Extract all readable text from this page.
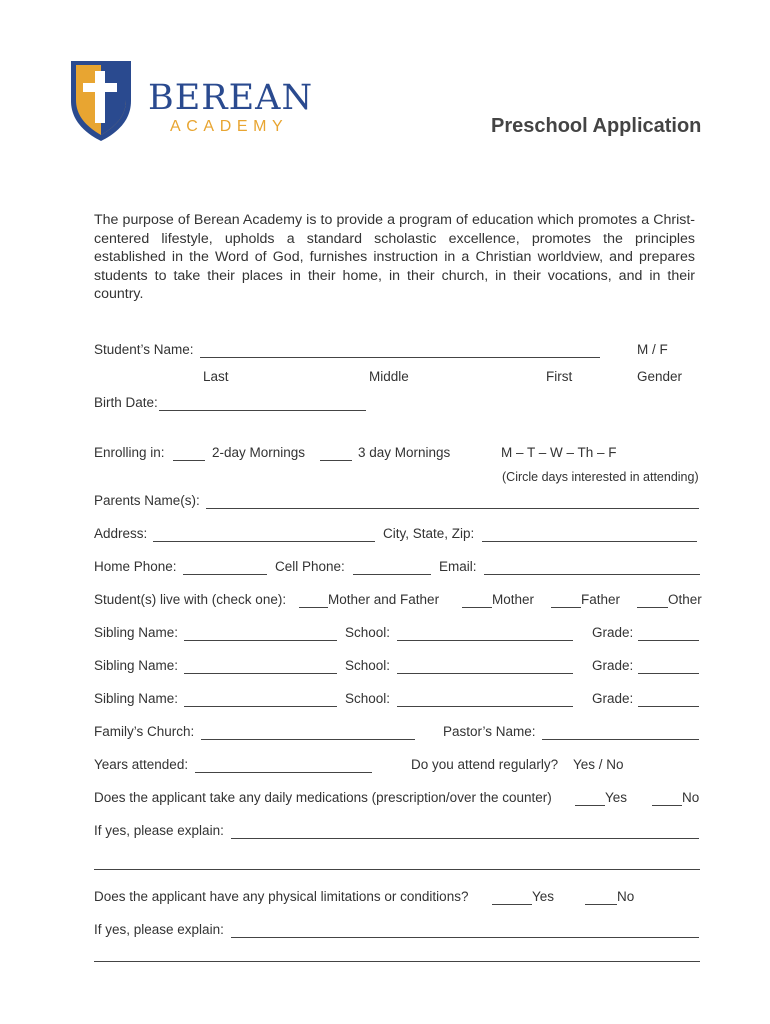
BEREAN
ACADEMY	Preschool Application
The purpose of Berean Academy is to provide a program of education which promotes a Christ-centered lifestyle, upholds a standard scholastic excellence, promotes the principles established in the Word of God, furnishes instruction in a Christian worldview, and prepares students to take their places in their home, in their church, in their vocations, and in their country.
Student’s Name:	M / F
Last	Middle	First	Gender
Birth Date:
Enrolling in:	2-day Mornings	3 day Mornings	M – T – W – Th – F
(Circle days interested in attending)
Parents Name(s):
Address:	City, State, Zip:
Home Phone:	Cell Phone:	Email:
Student(s) live with (check one):	Mother and Father	Mother	Father	Other
Sibling Name:	School:	Grade:
Sibling Name:	School:	Grade:
Sibling Name:	School:	Grade:
Family’s Church:	Pastor’s Name:
Years attended:	Do you attend regularly? Yes / No
Does the applicant take any daily medications (prescription/over the counter)	Yes	No
If yes, please explain:
Does the applicant have any physical limitations or conditions?	Yes	No
If yes, please explain:
